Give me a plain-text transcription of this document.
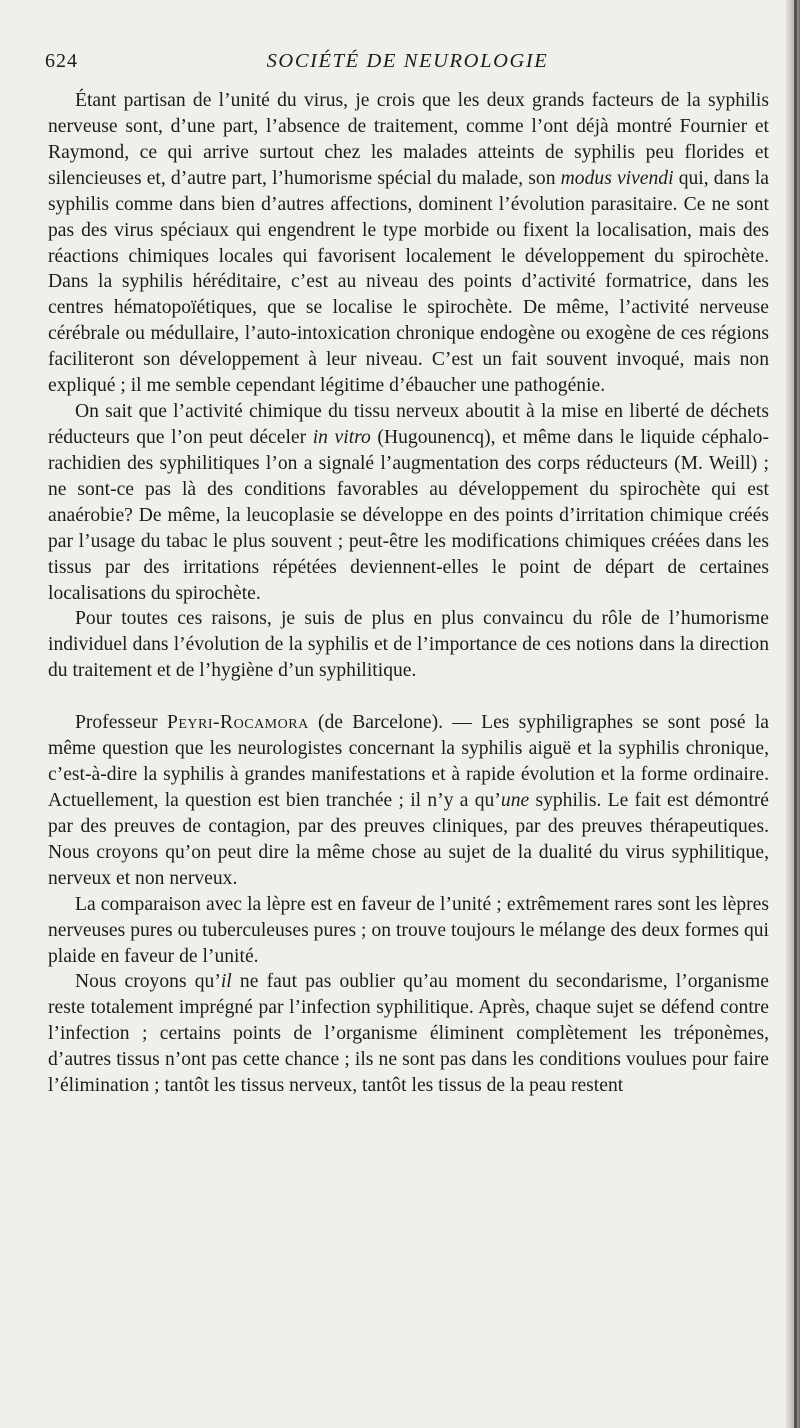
624	SOCIÉTÉ DE NEUROLOGIE

Étant partisan de l’unité du virus, je crois que les deux grands facteurs de la syphilis nerveuse sont, d’une part, l’absence de traitement, comme l’ont déjà montré Fournier et Raymond, ce qui arrive surtout chez les malades atteints de syphilis peu florides et silencieuses et, d’autre part, l’humorisme spécial du malade, son modus vivendi qui, dans la syphilis comme dans bien d’autres affections, dominent l’évolution parasitaire. Ce ne sont pas des virus spéciaux qui engendrent le type morbide ou fixent la localisation, mais des réactions chimiques locales qui favorisent localement le développement du spirochète. Dans la syphilis héréditaire, c’est au niveau des points d’activité formatrice, dans les centres hématopoïétiques, que se localise le spirochète. De même, l’activité nerveuse cérébrale ou médullaire, l’auto-intoxication chronique endogène ou exogène de ces régions faciliteront son développement à leur niveau. C’est un fait souvent invoqué, mais non expliqué ; il me semble cependant légitime d’ébaucher une pathogénie.

On sait que l’activité chimique du tissu nerveux aboutit à la mise en liberté de déchets réducteurs que l’on peut déceler in vitro (Hugounencq), et même dans le liquide céphalo-rachidien des syphilitiques l’on a signalé l’augmentation des corps réducteurs (M. Weill) ; ne sont-ce pas là des conditions favorables au développement du spirochète qui est anaérobie? De même, la leucoplasie se développe en des points d’irritation chimique créés par l’usage du tabac le plus souvent ; peut-être les modifications chimiques créées dans les tissus par des irritations répétées deviennent-elles le point de départ de certaines localisations du spirochète.

Pour toutes ces raisons, je suis de plus en plus convaincu du rôle de l’humorisme individuel dans l’évolution de la syphilis et de l’importance de ces notions dans la direction du traitement et de l’hygiène d’un syphilitique.

Professeur Peyri-Rocamora (de Barcelone). — Les syphiligraphes se sont posé la même question que les neurologistes concernant la syphilis aiguë et la syphilis chronique, c’est-à-dire la syphilis à grandes manifestations et à rapide évolution et la forme ordinaire. Actuellement, la question est bien tranchée ; il n’y a qu’une syphilis. Le fait est démontré par des preuves de contagion, par des preuves cliniques, par des preuves thérapeutiques. Nous croyons qu’on peut dire la même chose au sujet de la dualité du virus syphilitique, nerveux et non nerveux.

La comparaison avec la lèpre est en faveur de l’unité ; extrêmement rares sont les lèpres nerveuses pures ou tuberculeuses pures ; on trouve toujours le mélange des deux formes qui plaide en faveur de l’unité.

Nous croyons qu’il ne faut pas oublier qu’au moment du secondarisme, l’organisme reste totalement imprégné par l’infection syphilitique. Après, chaque sujet se défend contre l’infection ; certains points de l’organisme éliminent complètement les tréponèmes, d’autres tissus n’ont pas cette chance ; ils ne sont pas dans les conditions voulues pour faire l’élimination ; tantôt les tissus nerveux, tantôt les tissus de la peau restent
